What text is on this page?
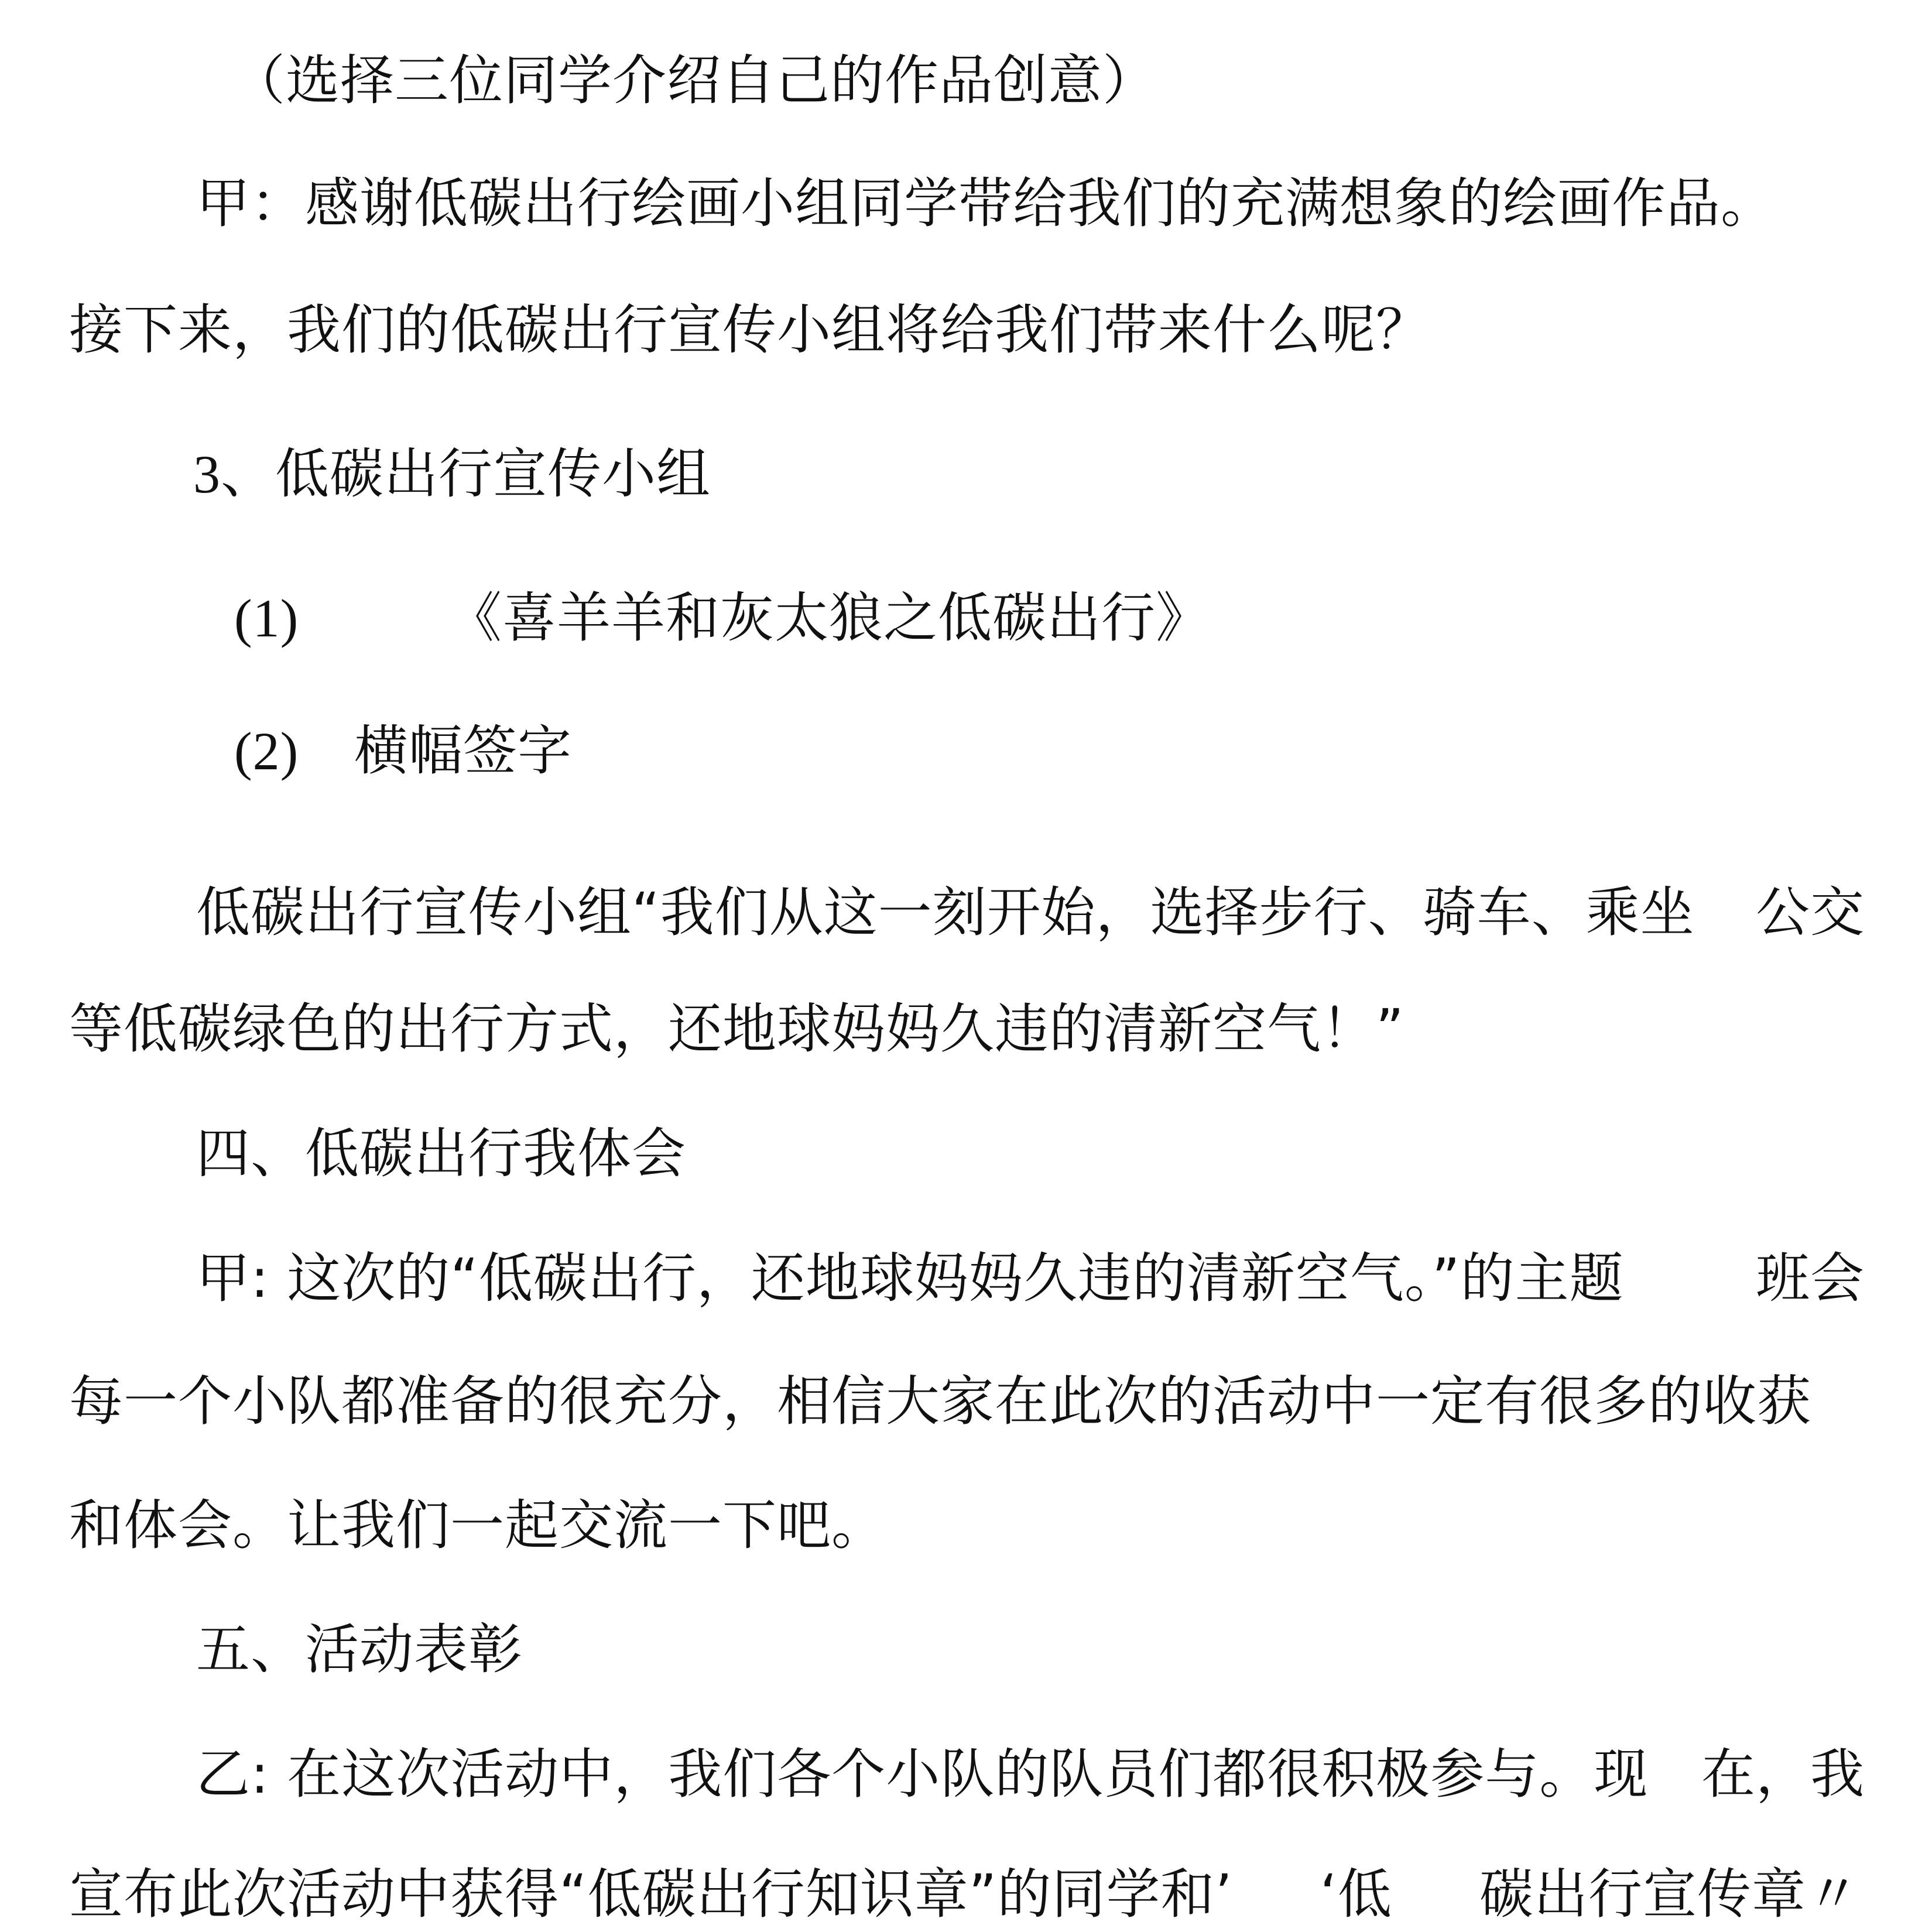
（选择三位同学介绍自己的作品创意）
甲：感谢低碳出行绘画小组同学带给我们的充满想象的绘画作品。
接下来，我们的低碳出行宣传小组将给我们带来什么呢？
3、低碳出行宣传小组
(1)	《喜羊羊和灰太狼之低碳出行》
(2) 横幅签字
低碳出行宣传小组“我们从这一刻开始，选择步行、骑车、乘坐 公交
等低碳绿色的出行方式，还地球妈妈久违的清新空气！”
四、低碳出行我体会
甲: 这次的“低碳出行，还地球妈妈久违的清新空气。”的主题 班会
每一个小队都准备的很充分，相信大家在此次的活动中一定有很多的收获
和体会。让我们一起交流一下吧。
五、活动表彰
乙: 在这次活动中，我们各个小队的队员们都很积极参与。现 在，我
宣布此次活动中获得“低碳出行知识章”的同学和’ ‘低 碳出行宣传章〃
